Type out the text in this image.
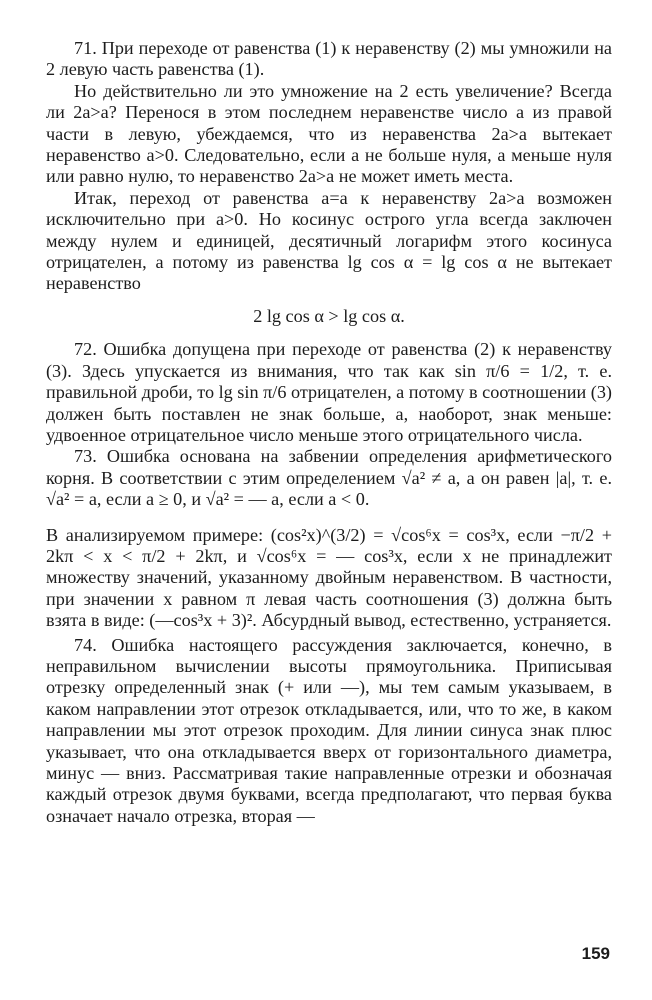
71. При переходе от равенства (1) к неравенству (2) мы умножили на 2 левую часть равенства (1).

Но действительно ли это умножение на 2 есть увеличение? Всегда ли 2a>a? Перенося в этом последнем неравенстве число a из правой части в левую, убеждаемся, что из неравенства 2a>a вытекает неравенство a>0. Следовательно, если a не больше нуля, а меньше нуля или равно нулю, то неравенство 2a>a не может иметь места.

Итак, переход от равенства a=a к неравенству 2a>a возможен исключительно при a>0. Но косинус острого угла всегда заключен между нулем и единицей, десятичный логарифм этого косинуса отрицателен, а потому из равенства lg cos α = lg cos α не вытекает неравенство

2 lg cos α > lg cos α.

72. Ошибка допущена при переходе от равенства (2) к неравенству (3). Здесь упускается из внимания, что так как sin π/6 = 1/2, т. е. правильной дроби, то lg sin π/6 отрицателен, а потому в соотношении (3) должен быть поставлен не знак больше, а, наоборот, знак меньше: удвоенное отрицательное число меньше этого отрицательного числа.

73. Ошибка основана на забвении определения арифметического корня. В соответствии с этим определением √a² ≠ a, а он равен |a|, т. е. √a² = a, если a ≥ 0, и √a² = — a, если a < 0.

В анализируемом примере: (cos²x)^(3/2) = √cos⁶x = cos³x, если −π/2 + 2kπ < x < π/2 + 2kπ, и √cos⁶x = — cos³x, если x не принадлежит множеству значений, указанному двойным неравенством. В частности, при значении x равном π левая часть соотношения (3) должна быть взята в виде: (—cos³x + 3)². Абсурдный вывод, естественно, устраняется.

74. Ошибка настоящего рассуждения заключается, конечно, в неправильном вычислении высоты прямоугольника. Приписывая отрезку определенный знак (+ или —), мы тем самым указываем, в каком направлении этот отрезок откладывается, или, что то же, в каком направлении мы этот отрезок проходим. Для линии синуса знак плюс указывает, что она откладывается вверх от горизонтального диаметра, минус — вниз. Рассматривая такие направленные отрезки и обозначая каждый отрезок двумя буквами, всегда предполагают, что первая буква означает начало отрезка, вторая —

159
